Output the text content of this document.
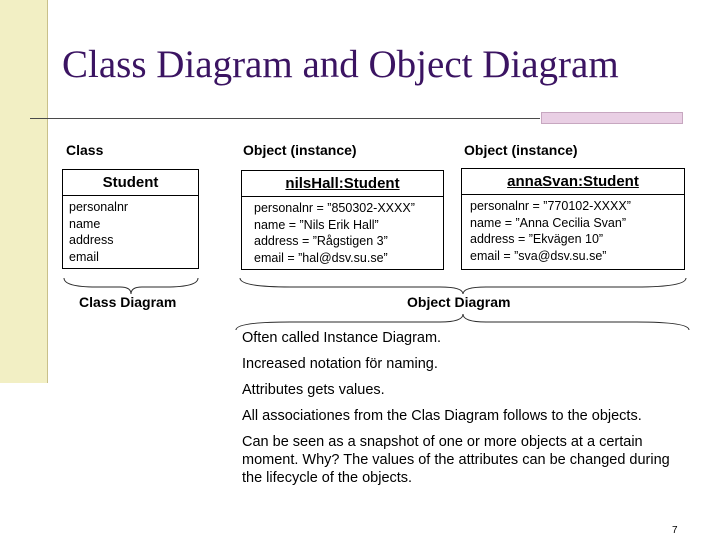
Class Diagram and Object Diagram
Class	Object (instance)	Object (instance)
Student
personalnr
name
address
email
nilsHall:Student
personalnr = ”850302-XXXX”
name = ”Nils Erik Hall”
address = ”Rågstigen 3”
email = ”hal@dsv.su.se”
annaSvan:Student
personalnr = ”770102-XXXX”
name = ”Anna Cecilia Svan”
address = ”Ekvägen 10”
email = ”sva@dsv.su.se”
Class Diagram	Object Diagram

Often called Instance Diagram.

Increased notation för naming.

Attributes gets values.

All associationes from the Clas Diagram follows to the objects.

Can be seen as a snapshot of one or more objects at a certain moment. Why? The values of the attributes can be changed during the lifecycle of the objects.

7
